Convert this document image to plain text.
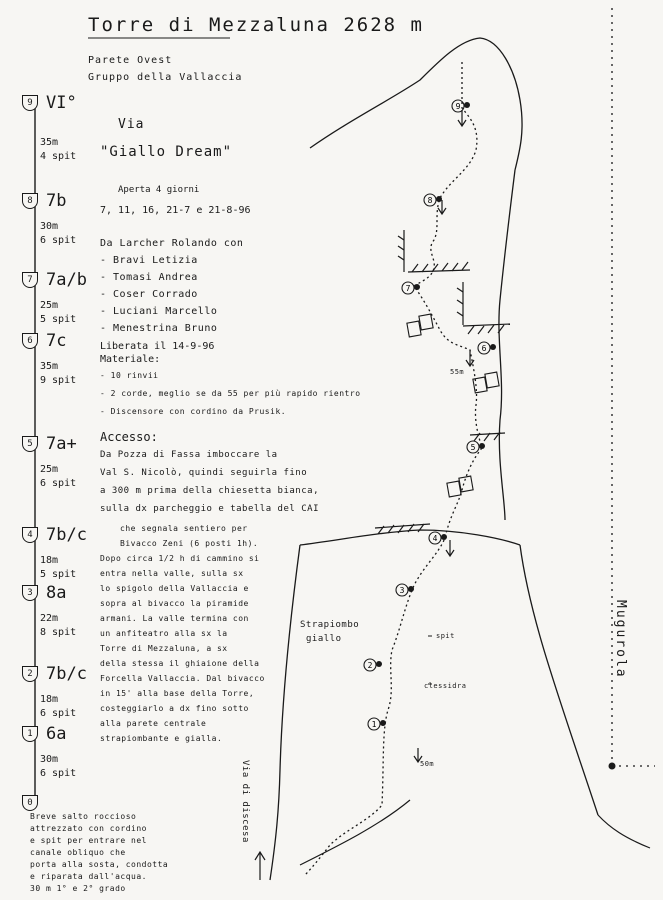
9
8
7
6
5
4
3
2
1
Torre di Mezzaluna 2628 m
Parete Ovest
Gruppo della Vallaccia
Via
"Giallo Dream"
9 VI°
35m
4 spit
8 7b
30m
6 spit
7 7a/b
25m
5 spit
6 7c
35m
9 spit
5 7a+
25m
6 spit
4 7b/c
18m
5 spit
3 8a
22m
8 spit
2 7b/c
18m
6 spit
1 6a
30m
6 spit
0
Aperta 4 giorni
7, 11, 16, 21-7 e 21-8-96
Da Larcher Rolando con
- Bravi Letizia
- Tomasi Andrea
- Coser Corrado
- Luciani Marcello
- Menestrina Bruno
Liberata il 14-9-96
Materiale:
- 10 rinvii
- 2 corde, meglio se da 55 per più rapido rientro
- Discensore con cordino da Prusik.
Accesso:
Da Pozza di Fassa imboccare la
Val S. Nicolò, quindi seguirla fino
a 300 m prima della chiesetta bianca,
sulla dx parcheggio e tabella del CAI
che segnala sentiero per
Bivacco Zeni (6 posti 1h).
Dopo circa 1/2 h di cammino si
entra nella valle, sulla sx
lo spigolo della Vallaccia e
sopra al bivacco la piramide
armani. La valle termina con
un anfiteatro alla sx la
Torre di Mezzaluna, a sx
della stessa il ghiaione della
Forcella Vallaccia. Dal bivacco
in 15' alla base della Torre,
costeggiarlo a dx fino sotto
alla parete centrale
strapiombante e gialla.
Breve salto roccioso
attrezzato con cordino
e spit per entrare nel
canale obliquo che
porta alla sosta, condotta
e riparata dall'acqua.
30 m 1° e 2° grado
Strapiombo
giallo	spit
clessidra
55m
50m
Via di discesa
Mugurola
